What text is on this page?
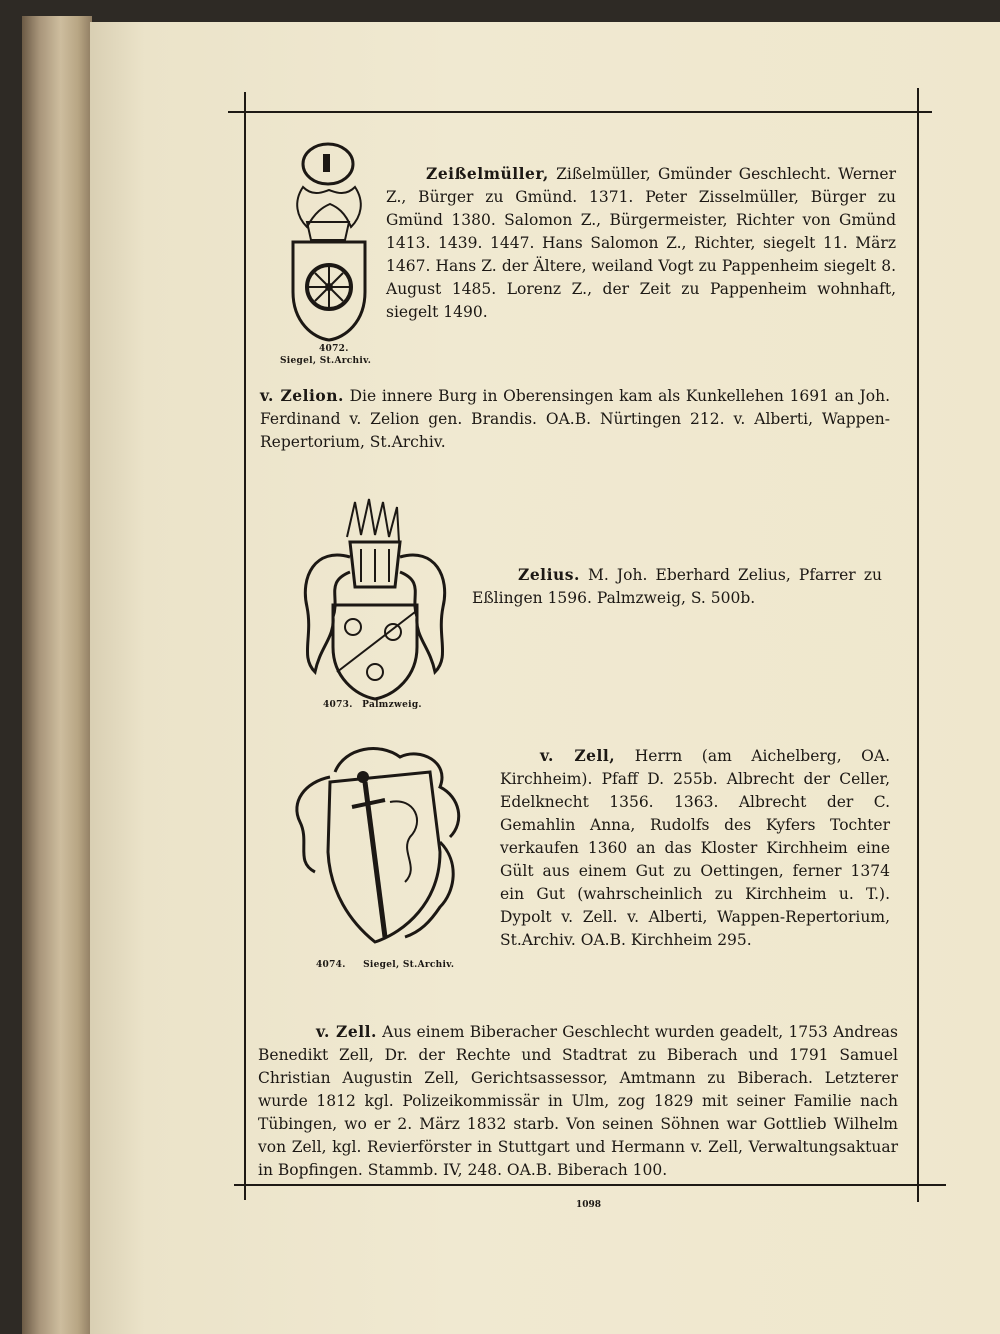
4072.
Siegel, St.Archiv.
Zeißelmüller, Zißelmüller, Gmünder Geschlecht. Werner Z., Bürger zu Gmünd. 1371. Peter Zisselmüller, Bürger zu Gmünd 1380. Salomon Z., Bürgermeister, Richter von Gmünd 1413. 1439. 1447. Hans Salomon Z., Richter, siegelt 11. März 1467. Hans Z. der Ältere, weiland Vogt zu Pappenheim siegelt 8. August 1485. Lorenz Z., der Zeit zu Pappenheim wohnhaft, siegelt 1490.
v. Zelion. Die innere Burg in Oberensingen kam als Kunkellehen 1691 an Joh. Ferdinand v. Zelion gen. Brandis. OA.B. Nürtingen 212. v. Alberti, Wappen-Repertorium, St.Archiv.
4073. Palmzweig.
Zelius. M. Joh. Eberhard Zelius, Pfarrer zu Eßlingen 1596. Palmzweig, S. 500b.
4074. Siegel, St.Archiv.
v. Zell, Herrn (am Aichelberg, OA. Kirchheim). Pfaff D. 255b. Albrecht der Celler, Edelknecht 1356. 1363. Albrecht der C. Gemahlin Anna, Rudolfs des Kyfers Tochter verkaufen 1360 an das Kloster Kirchheim eine Gült aus einem Gut zu Oettingen, ferner 1374 ein Gut (wahrscheinlich zu Kirchheim u. T.). Dypolt v. Zell. v. Alberti, Wappen-Repertorium, St.Archiv. OA.B. Kirchheim 295.
v. Zell. Aus einem Biberacher Geschlecht wurden geadelt, 1753 Andreas Benedikt Zell, Dr. der Rechte und Stadtrat zu Biberach und 1791 Samuel Christian Augustin Zell, Gerichtsassessor, Amtmann zu Biberach. Letzterer wurde 1812 kgl. Polizeikommissär in Ulm, zog 1829 mit seiner Familie nach Tübingen, wo er 2. März 1832 starb. Von seinen Söhnen war Gottlieb Wilhelm von Zell, kgl. Revierförster in Stuttgart und Hermann v. Zell, Verwaltungsaktuar in Bopfingen. Stammb. IV, 248. OA.B. Biberach 100.
1098
